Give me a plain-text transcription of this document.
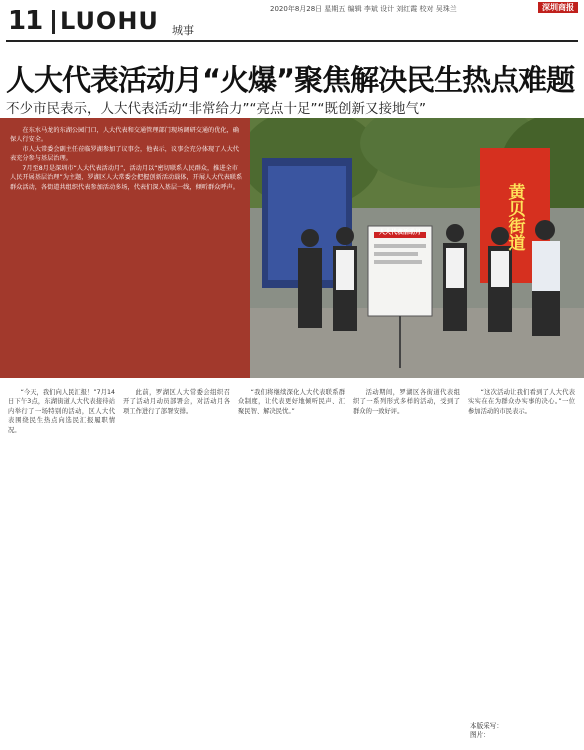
11 LUOHU 城事
2020年8月28日 星期五 编辑 李斌 设计 刘红霞 校对 吴珠兰	深圳商报
人大代表活动月“火爆”聚焦解决民生热点难题
不少市民表示，人大代表活动“非常给力”“亮点十足”“既创新又接地气”
黄贝街道
人大代表活动月

在东水马龙的东湖公园门口，人大代表和交通管理部门现场调研交通的优化，确保人行安全。

市人大常委会副主任莅临罗湖参加了议事会，他表示，议事会充分体现了人大代表充分参与基层治理。

7月至8月是深圳市“人大代表活动月”，活动月以“密切联系人民群众，推进全市人民开展基层治理”为主题，罗湖区人大常委会把握创新活动载体，开展人大代表联系群众活动，各街道共组织代表参加活动多场，代表们深入基层一线，倾听群众呼声。

“今天，我们向人民汇报！”7月14日下午3点，东湖街道人大代表接待站内举行了一场特别的活动，区人大代表围绕民生热点向选民汇报履职情况。

此前，罗湖区人大常委会组织召开了活动月动员部署会，对活动月各项工作进行了部署安排。

“我们将继续深化人大代表联系群众制度，让代表更好地倾听民声、汇聚民智、解决民忧。”

活动期间，罗湖区各街道代表组织了一系列形式多样的活动，受到了群众的一致好评。

“这次活动让我们看到了人大代表实实在在为群众办实事的决心。”一位参加活动的市民表示。

本版采写：
图片：
